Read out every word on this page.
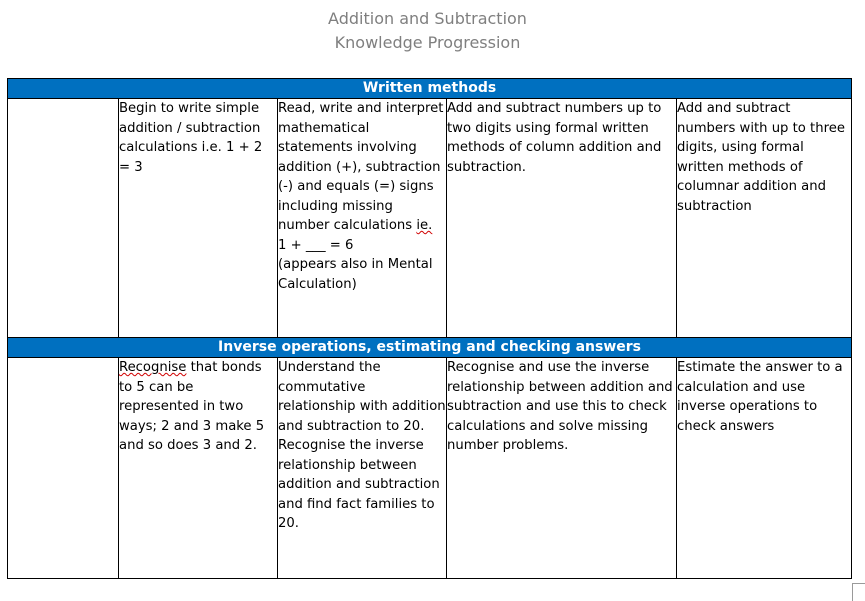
Addition and Subtraction
Knowledge Progression
Written methods				
	Begin to write simple addition / subtraction calculations i.e. 1 + 2 = 3	Read, write and interpret mathematical statements involving addition (+), subtraction (-) and equals (=) signs including missing number calculations ie.
1 + ___ = 6
(appears also in Mental Calculation)	Add and subtract numbers up to two digits using formal written methods of column addition and subtraction.	Add and subtract numbers with up to three digits, using formal written methods of columnar addition and subtraction
Inverse operations, estimating and checking answers				
	Recognise that bonds to 5 can be represented in two ways; 2 and 3 make 5 and so does 3 and 2.	Understand the commutative relationship with addition and subtraction to 20.
Recognise the inverse relationship between addition and subtraction and find fact families to 20.	Recognise and use the inverse relationship between addition and subtraction and use this to check calculations and solve missing number problems.	Estimate the answer to a calculation and use inverse operations to check answers
